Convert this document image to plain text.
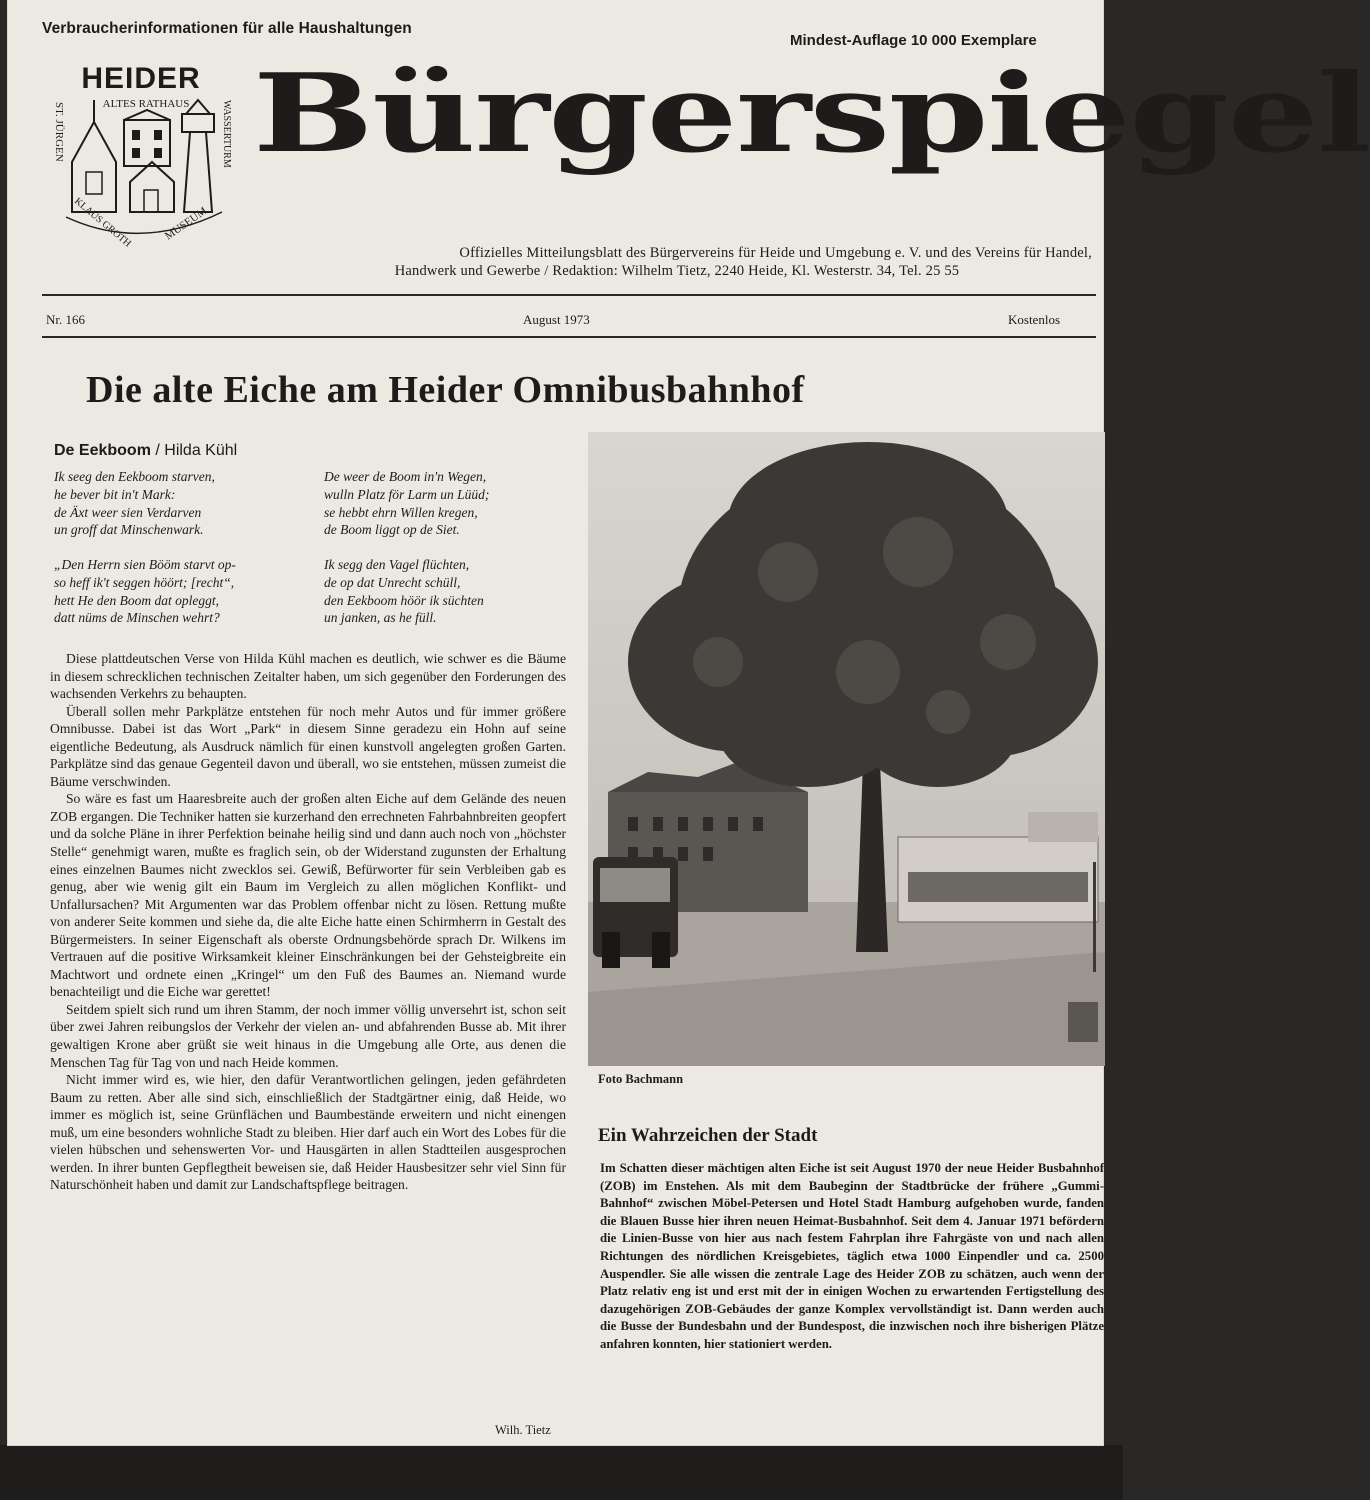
Verbraucherinformationen für alle Haushaltungen
Mindest-Auflage 10 000 Exemplare
HEIDER
ALTES RATHAUS
ST. JÜRGEN	WASSERTURM
KLAUS GROTH	MUSEUM
Bürgerspiegel
Offizielles Mitteilungsblatt des Bürgervereins für Heide und Umgebung e. V. und des Vereins für Handel,
Handwerk und Gewerbe / Redaktion: Wilhelm Tietz, 2240 Heide, Kl. Westerstr. 34, Tel. 25 55
Nr. 166	August 1973	Kostenlos
Die alte Eiche am Heider Omnibusbahnhof
De Eekboom / Hilda Kühl
Ik seeg den Eekboom starven,
he bever bit in't Mark:
de Äxt weer sien Verdarven
un groff dat Minschenwark.
„Den Herrn sien Bööm starvt op-
so heff ik't seggen höört; [recht“,
hett He den Boom dat opleggt,
datt nüms de Minschen wehrt?
De weer de Boom in'n Wegen,
wulln Platz för Larm un Lüüd;
se hebbt ehrn Willen kregen,
de Boom liggt op de Siet.
Ik segg den Vagel flüchten,
de op dat Unrecht schüll,
den Eekboom höör ik süchten
un janken, as he füll.

Diese plattdeutschen Verse von Hilda Kühl machen es deutlich, wie schwer es die Bäume in diesem schrecklichen technischen Zeitalter haben, um sich gegenüber den Forderungen des wachsenden Verkehrs zu behaupten.

Überall sollen mehr Parkplätze entstehen für noch mehr Autos und für immer größere Omnibusse. Dabei ist das Wort „Park“ in diesem Sinne geradezu ein Hohn auf seine eigentliche Bedeutung, als Ausdruck nämlich für einen kunstvoll angelegten großen Garten. Parkplätze sind das genaue Gegenteil davon und überall, wo sie entstehen, müssen zumeist die Bäume verschwinden.

So wäre es fast um Haaresbreite auch der großen alten Eiche auf dem Gelände des neuen ZOB ergangen. Die Techniker hatten sie kurzerhand den errechneten Fahrbahnbreiten geopfert und da solche Pläne in ihrer Perfektion beinahe heilig sind und dann auch noch von „höchster Stelle“ genehmigt waren, mußte es fraglich sein, ob der Widerstand zugunsten der Erhaltung eines einzelnen Baumes nicht zwecklos sei. Gewiß, Befürworter für sein Verbleiben gab es genug, aber wie wenig gilt ein Baum im Vergleich zu allen möglichen Konflikt- und Unfallursachen? Mit Argumenten war das Problem offenbar nicht zu lösen. Rettung mußte von anderer Seite kommen und siehe da, die alte Eiche hatte einen Schirmherrn in Gestalt des Bürgermeisters. In seiner Eigenschaft als oberste Ordnungsbehörde sprach Dr. Wilkens im Vertrauen auf die positive Wirksamkeit kleiner Einschränkungen bei der Gehsteigbreite ein Machtwort und ordnete einen „Kringel“ um den Fuß des Baumes an. Niemand wurde benachteiligt und die Eiche war gerettet!

Seitdem spielt sich rund um ihren Stamm, der noch immer völlig unversehrt ist, schon seit über zwei Jahren reibungslos der Verkehr der vielen an- und abfahrenden Busse ab. Mit ihrer gewaltigen Krone aber grüßt sie weit hinaus in die Umgebung alle Orte, aus denen die Menschen Tag für Tag von und nach Heide kommen.

Nicht immer wird es, wie hier, den dafür Verantwortlichen gelingen, jeden gefährdeten Baum zu retten. Aber alle sind sich, einschließlich der Stadtgärtner einig, daß Heide, wo immer es möglich ist, seine Grünflächen und Baumbestände erweitern und nicht einengen muß, um eine besonders wohnliche Stadt zu bleiben. Hier darf auch ein Wort des Lobes für die vielen hübschen und sehenswerten Vor- und Hausgärten in allen Stadtteilen ausgesprochen werden. In ihrer bunten Gepflegtheit beweisen sie, daß Heider Hausbesitzer sehr viel Sinn für Naturschönheit haben und damit zur Landschaftspflege beitragen.

Wilh. Tietz
Foto Bachmann
Ein Wahrzeichen der Stadt
Im Schatten dieser mächtigen alten Eiche ist seit August 1970 der neue Heider Busbahnhof (ZOB) im Enstehen. Als mit dem Baubeginn der Stadtbrücke der frühere „Gummi-Bahnhof“ zwischen Möbel-Petersen und Hotel Stadt Hamburg aufgehoben wurde, fanden die Blauen Busse hier ihren neuen Heimat-Busbahnhof. Seit dem 4. Januar 1971 befördern die Linien-Busse von hier aus nach festem Fahrplan ihre Fahrgäste von und nach allen Richtungen des nördlichen Kreisgebietes, täglich etwa 1000 Einpendler und ca. 2500 Auspendler. Sie alle wissen die zentrale Lage des Heider ZOB zu schätzen, auch wenn der Platz relativ eng ist und erst mit der in einigen Wochen zu erwartenden Fertigstellung des dazugehörigen ZOB-Gebäudes der ganze Komplex vervollständigt ist. Dann werden auch die Busse der Bundesbahn und der Bundespost, die inzwischen noch ihre bisherigen Plätze anfahren konnten, hier stationiert werden.
